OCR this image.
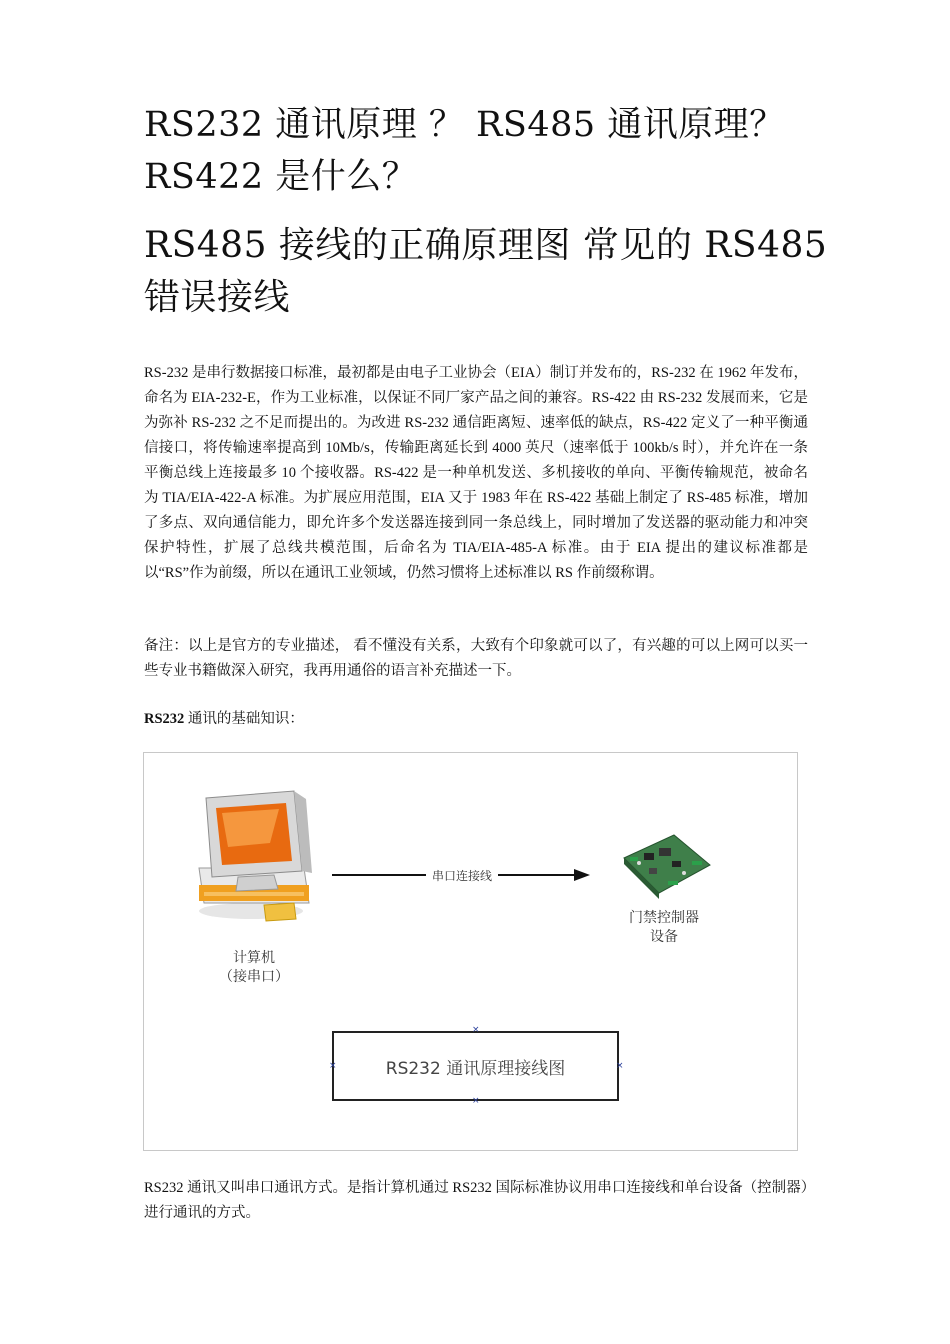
RS232 通讯原理 ？ RS485 通讯原理？ RS422 是什么？
RS485 接线的正确原理图 常见的 RS485 错误接线

RS-232 是串行数据接口标准，最初都是由电子工业协会（EIA）制订并发布的，RS-232 在 1962 年发布，命名为 EIA-232-E，作为工业标准，以保证不同厂家产品之间的兼容。RS-422 由 RS-232 发展而来，它是为弥补 RS-232 之不足而提出的。为改进 RS-232 通信距离短、速率低的缺点，RS-422 定义了一种平衡通信接口，将传输速率提高到 10Mb/s，传输距离延长到 4000 英尺（速率低于 100kb/s 时），并允许在一条平衡总线上连接最多 10 个接收器。RS-422 是一种单机发送、多机接收的单向、平衡传输规范，被命名为 TIA/EIA-422-A 标准。为扩展应用范围，EIA 又于 1983 年在 RS-422 基础上制定了 RS-485 标准，增加了多点、双向通信能力，即允许多个发送器连接到同一条总线上，同时增加了发送器的驱动能力和冲突保护特性，扩展了总线共模范围，后命名为 TIA/EIA-485-A 标准。由于 EIA 提出的建议标准都是以“RS”作为前缀，所以在通讯工业领域，仍然习惯将上述标准以 RS 作前缀称谓。

备注：以上是官方的专业描述， 看不懂没有关系，大致有个印象就可以了，有兴趣的可以上网可以买一些专业书籍做深入研究，我再用通俗的语言补充描述一下。

RS232 通讯的基础知识：

计算机
（接串口）
串口连接线
门禁控制器
设备
RS232 通讯原理接线图
×
×
×	×

RS232 通讯又叫串口通讯方式。是指计算机通过 RS232 国际标准协议用串口连接线和单台设备（控制器）进行通讯的方式。
